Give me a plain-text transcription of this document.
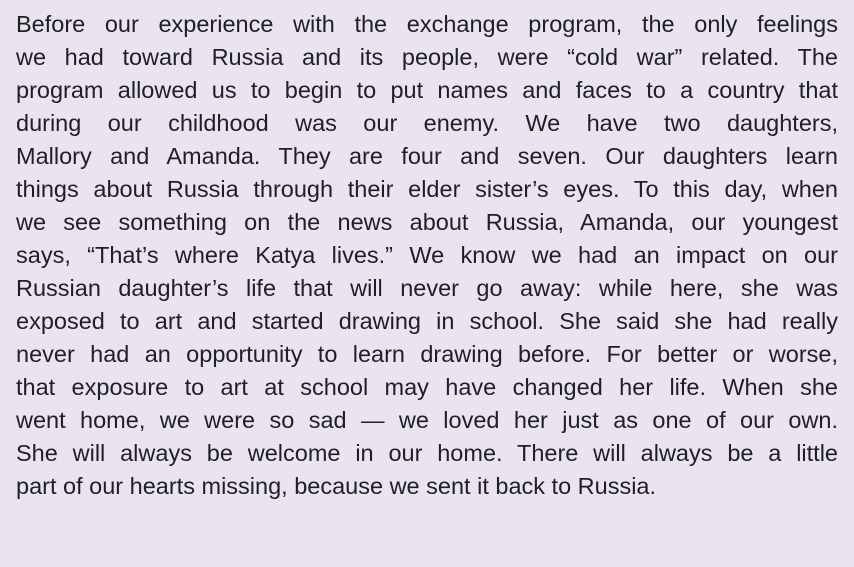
Before our experience with the exchange program, the only feelings
we had toward Russia and its people, were “cold war” related. The
program allowed us to begin to put names and faces to a country that
during our childhood was our enemy. We have two daughters,
Mallory and Amanda. They are four and seven. Our daughters learn
things about Russia through their elder sister’s eyes. To this day, when
we see something on the news about Russia, Amanda, our youngest
says, “That’s where Katya lives.” We know we had an impact on our
Russian daughter’s life that will never go away: while here, she was
exposed to art and started drawing in school. She said she had really
never had an opportunity to learn drawing before. For better or worse,
that exposure to art at school may have changed her life. When she
went home, we were so sad — we loved her just as one of our own.
She will always be welcome in our home. There will always be a little
part of our hearts missing, because we sent it back to Russia.
